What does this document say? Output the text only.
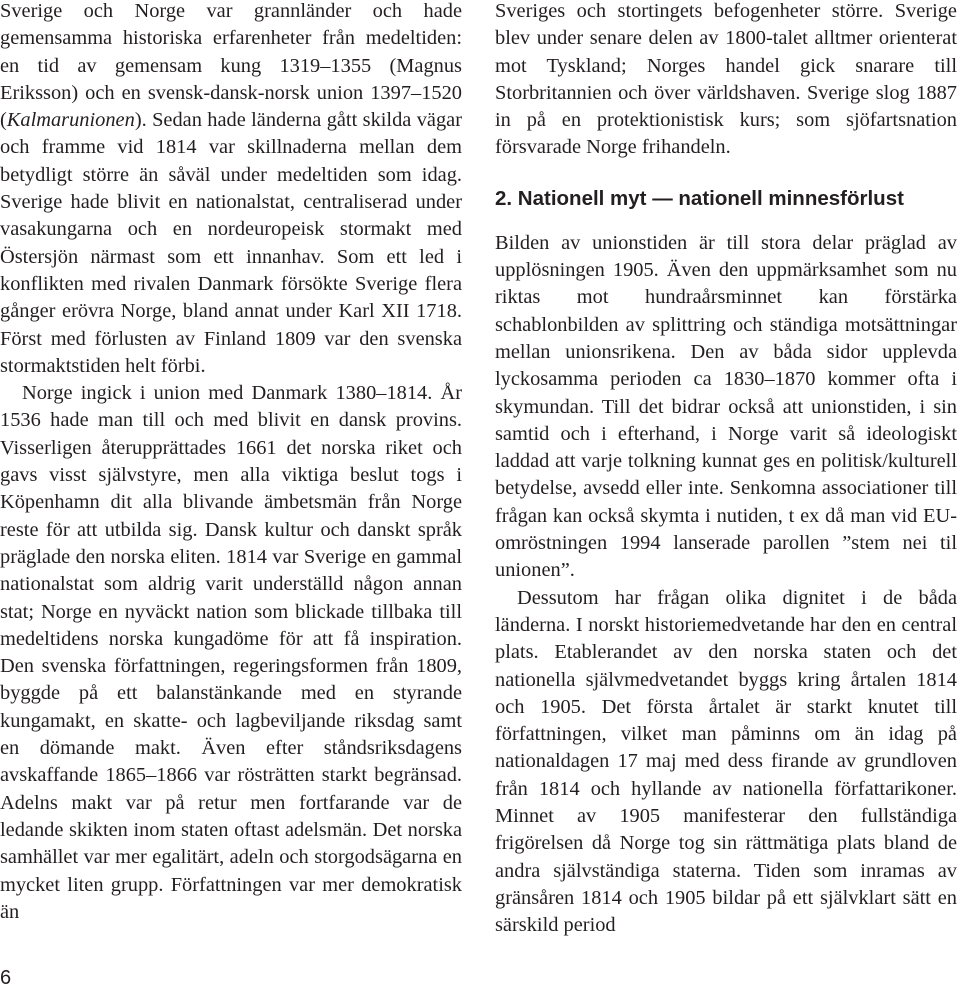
Sverige och Norge var grannländer och hade gemensamma historiska erfarenheter från medeltiden: en tid av gemensam kung 1319–1355 (Magnus Eriksson) och en svensk-dansk-norsk union 1397–1520 (Kalmarunionen). Sedan hade länderna gått skilda vägar och framme vid 1814 var skillnaderna mellan dem betydligt större än såväl under medeltiden som idag. Sverige hade blivit en nationalstat, centraliserad under vasakungarna och en nordeuropeisk stormakt med Östersjön närmast som ett innanhav. Som ett led i konflikten med rivalen Danmark försökte Sverige flera gånger erövra Norge, bland annat under Karl XII 1718. Först med förlusten av Finland 1809 var den svenska stormaktstiden helt förbi.

Norge ingick i union med Danmark 1380–1814. År 1536 hade man till och med blivit en dansk provins. Visserligen återupprättades 1661 det norska riket och gavs visst självstyre, men alla viktiga beslut togs i Köpenhamn dit alla blivande ämbetsmän från Norge reste för att utbilda sig. Dansk kultur och danskt språk präglade den norska eliten. 1814 var Sverige en gammal nationalstat som aldrig varit underställd någon annan stat; Norge en nyväckt nation som blickade tillbaka till medeltidens norska kungadöme för att få inspiration. Den svenska författningen, regeringsformen från 1809, byggde på ett balanstänkande med en styrande kungamakt, en skatte- och lagbeviljande riksdag samt en dömande makt. Även efter ståndsriksdagens avskaffande 1865–1866 var rösträtten starkt begränsad. Adelns makt var på retur men fortfarande var de ledande skikten inom staten oftast adelsmän. Det norska samhället var mer egalitärt, adeln och storgodsägarna en mycket liten grupp. Författningen var mer demokratisk än

Sveriges och stortingets befogenheter större. Sverige blev under senare delen av 1800-talet alltmer orienterat mot Tyskland; Norges handel gick snarare till Storbritannien och över världshaven. Sverige slog 1887 in på en protektionistisk kurs; som sjöfartsnation försvarade Norge frihandeln.

2. Nationell myt — nationell minnesförlust

Bilden av unionstiden är till stora delar präglad av upplösningen 1905. Även den uppmärksamhet som nu riktas mot hundraårsminnet kan förstärka schablonbilden av splittring och ständiga motsättningar mellan unionsrikena. Den av båda sidor upplevda lyckosamma perioden ca 1830–1870 kommer ofta i skymundan. Till det bidrar också att unionstiden, i sin samtid och i efterhand, i Norge varit så ideologiskt laddad att varje tolkning kunnat ges en politisk/kulturell betydelse, avsedd eller inte. Senkomna associationer till frågan kan också skymta i nutiden, t ex då man vid EU-omröstningen 1994 lanserade parollen ”stem nei til unionen”.

Dessutom har frågan olika dignitet i de båda länderna. I norskt historiemedvetande har den en central plats. Etablerandet av den norska staten och det nationella självmedvetandet byggs kring årtalen 1814 och 1905. Det första årtalet är starkt knutet till författningen, vilket man påminns om än idag på nationaldagen 17 maj med dess firande av grundloven från 1814 och hyllande av nationella författarikoner. Minnet av 1905 manifesterar den fullständiga frigörelsen då Norge tog sin rättmätiga plats bland de andra självständiga staterna. Tiden som inramas av gränsåren 1814 och 1905 bildar på ett självklart sätt en särskild period

6
